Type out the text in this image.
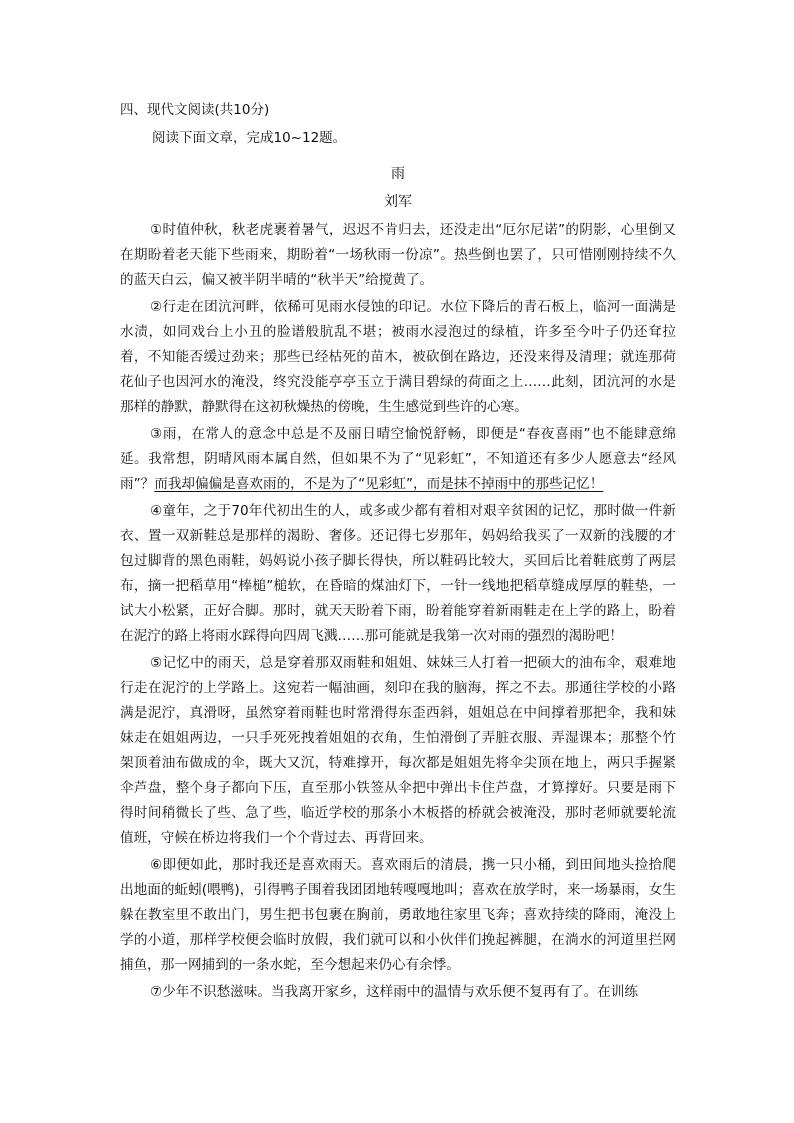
四、现代文阅读(共10分)
阅读下面文章，完成10~12题。
雨
刘军

①时值仲秋，秋老虎裹着暑气，迟迟不肯归去，还没走出“厄尔尼诺”的阴影，心里倒又在期盼着老天能下些雨来，期盼着“一场秋雨一份凉”。热些倒也罢了，只可惜刚刚持续不久的蓝天白云，偏又被半阴半晴的“秋半天”给搅黄了。

②行走在团沆河畔，依稀可见雨水侵蚀的印记。水位下降后的青石板上，临河一面满是水渍，如同戏台上小丑的脸谱般肮乱不堪；被雨水浸泡过的绿植，许多至今叶子仍还耷拉着，不知能否缓过劲来；那些已经枯死的苗木，被砍倒在路边，还没来得及清理；就连那荷花仙子也因河水的淹没，终究没能亭亭玉立于满目碧绿的荷面之上……此刻，团沆河的水是那样的静默，静默得在这初秋燥热的傍晚，生生感觉到些许的心寒。

③雨，在常人的意念中总是不及丽日晴空愉悦舒畅，即便是“春夜喜雨”也不能肆意绵延。我常想，阴晴风雨本属自然，但如果不为了“见彩虹”，不知道还有多少人愿意去“经风雨”？而我却偏偏是喜欢雨的，不是为了“见彩虹”，而是抹不掉雨中的那些记忆！

④童年，之于70年代初出生的人，或多或少都有着相对艰辛贫困的记忆，那时做一件新衣、置一双新鞋总是那样的渴盼、奢侈。还记得七岁那年，妈妈给我买了一双新的浅腰的才包过脚背的黑色雨鞋，妈妈说小孩子脚长得快，所以鞋码比较大，买回后比着鞋底剪了两层布，摘一把稻草用“棒槌”槌软，在昏暗的煤油灯下，一针一线地把稻草缝成厚厚的鞋垫，一试大小松紧，正好合脚。那时，就天天盼着下雨，盼着能穿着新雨鞋走在上学的路上，盼着在泥泞的路上将雨水踩得向四周飞溅……那可能就是我第一次对雨的强烈的渴盼吧！

⑤记忆中的雨天，总是穿着那双雨鞋和姐姐、妹妹三人打着一把硕大的油布伞，艰难地行走在泥泞的上学路上。这宛若一幅油画，刻印在我的脑海，挥之不去。那通往学校的小路满是泥泞，真滑呀，虽然穿着雨鞋也时常滑得东歪西斜，姐姐总在中间撑着那把伞，我和妹妹走在姐姐两边，一只手死死拽着姐姐的衣角，生怕滑倒了弄脏衣服、弄湿课本；那整个竹架顶着油布做成的伞，既大又沉，特难撑开，每次都是姐姐先将伞尖顶在地上，两只手握紧伞芦盘，整个身子都向下压，直至那小铁签从伞把中弹出卡住芦盘，才算撑好。只要是雨下得时间稍微长了些、急了些，临近学校的那条小木板搭的桥就会被淹没，那时老师就要轮流值班，守候在桥边将我们一个个背过去、再背回来。

⑥即便如此，那时我还是喜欢雨天。喜欢雨后的清晨，携一只小桶，到田间地头捡拾爬出地面的蚯蚓(喂鸭)，引得鸭子围着我团团地转嘎嘎地叫；喜欢在放学时，来一场暴雨，女生躲在教室里不敢出门，男生把书包裹在胸前，勇敢地往家里飞奔；喜欢持续的降雨，淹没上学的小道，那样学校便会临时放假，我们就可以和小伙伴们挽起裤腿，在淌水的河道里拦网捕鱼，那一网捕到的一条水蛇，至今想起来仍心有余悸。

⑦少年不识愁滋味。当我离开家乡，这样雨中的温情与欢乐便不复再有了。在训练
